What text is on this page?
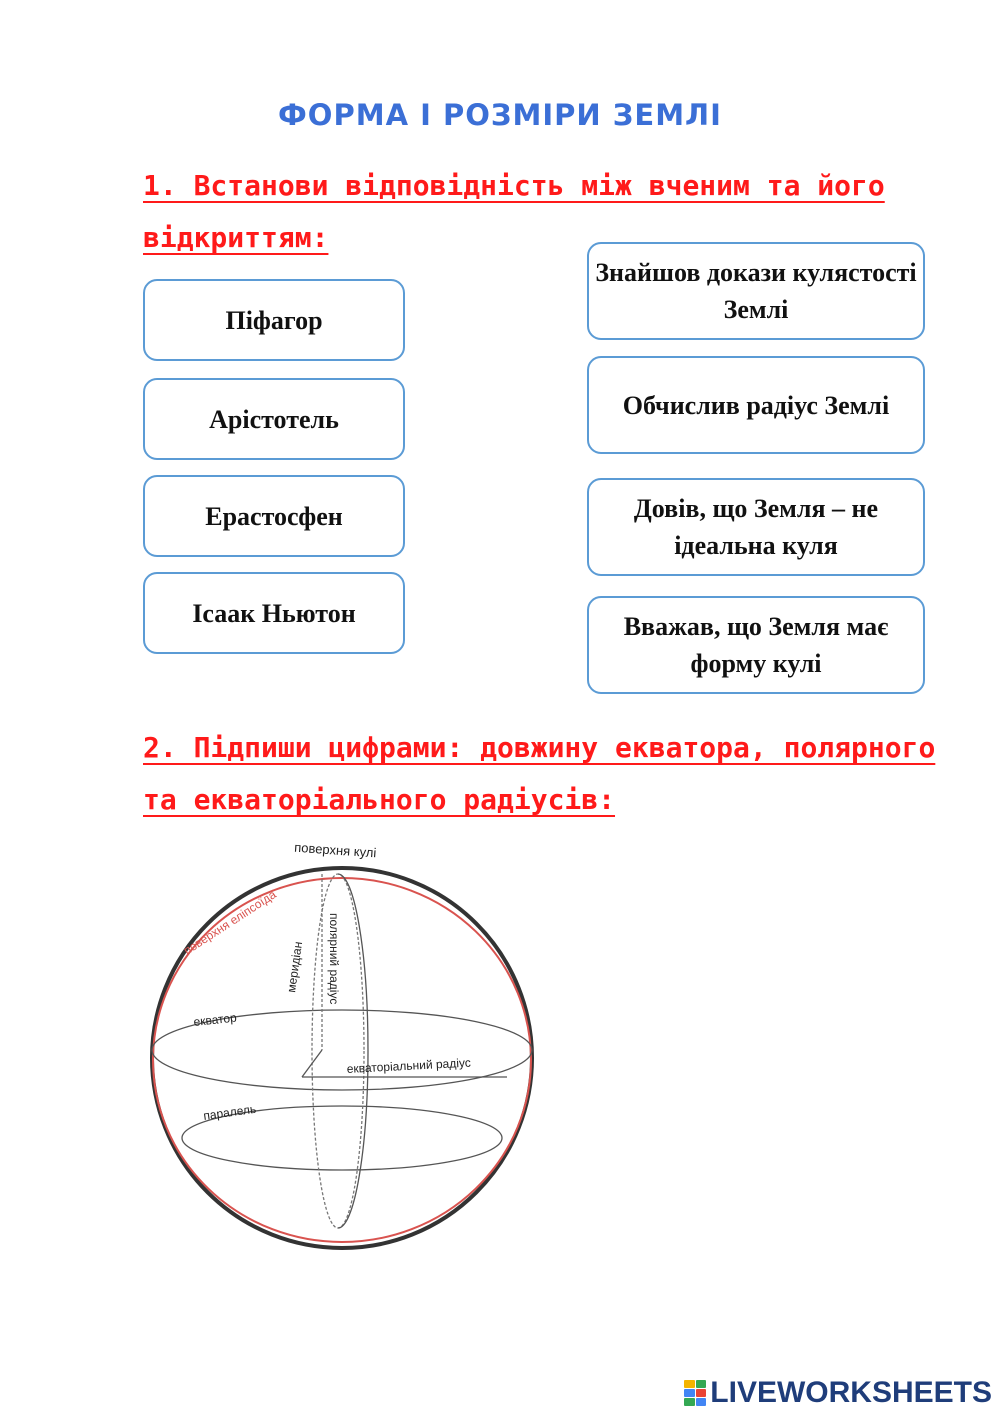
ФОРМА І РОЗМІРИ ЗЕМЛІ

1. Встанови відповідність між вченим та його відкриттям:

Піфагор
Арістотель
Ерастосфен
Ісаак Ньютон
Знайшов докази кулястості Землі
Обчислив радіус Землі
Довів, що Земля – не ідеальна куля
Вважав, що Земля має форму кулі

2. Підпиши цифрами: довжину екватора, полярного та екваторіального радіусів:

поверхня кулі
поверхня еліпсоїда
меридіан полярний радіус
екватор
екваторіальний радіус
паралель
LIVEWORKSHEETS
